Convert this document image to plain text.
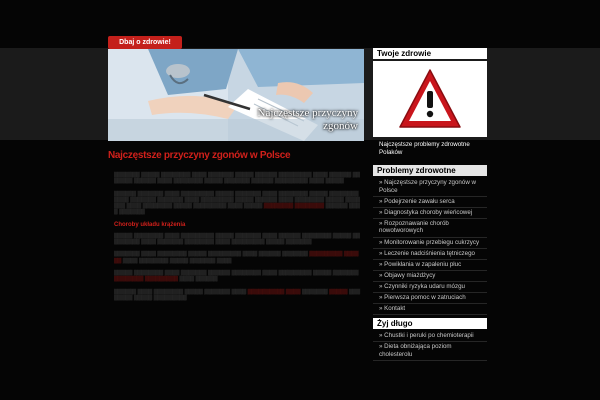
Dbaj o zdrowie!
Najczęstsze przyczyny zgonów
Najczęstsze przyczyny zgonów w Polsce

▒▒▒▒▒▒▒ ▒▒▒▒▒ ▒▒▒▒▒▒▒▒ ▒▒▒▒ ▒▒▒▒▒▒▒ ▒▒▒▒▒ ▒▒▒▒▒▒ ▒▒▒▒▒▒▒▒▒ ▒▒▒▒ ▒▒▒▒▒▒ ▒▒▒▒▒▒▒ ▒▒▒▒▒▒ ▒▒▒▒ ▒▒▒▒▒▒▒▒ ▒▒▒▒▒ ▒▒▒▒▒▒▒ ▒▒▒▒▒▒ ▒▒▒▒▒▒▒▒▒ ▒▒▒▒ ▒▒▒▒▒

▒▒▒▒▒▒ ▒▒▒▒▒▒▒ ▒▒▒▒ ▒▒▒▒▒▒▒▒▒ ▒▒▒▒▒ ▒▒▒▒▒▒▒ ▒▒▒▒ ▒▒▒▒▒▒▒▒ ▒▒▒▒▒ ▒▒▒▒▒▒▒▒ ▒▒▒▒ ▒▒▒▒▒▒▒ ▒▒▒▒▒▒▒ ▒▒▒▒ ▒▒▒▒▒▒▒▒▒ ▒▒▒▒▒ ▒▒▒▒▒▒ ▒▒▒▒ ▒▒▒▒▒▒▒▒ ▒▒▒▒▒ ▒▒▒▒▒▒▒ ▒▒▒▒ ▒▒▒▒▒▒▒▒ ▒▒▒▒▒ ▒▒▒▒▒▒▒▒▒ ▒▒▒▒ ▒▒▒▒▒ ▒▒▒▒▒▒▒▒ ▒▒▒▒▒▒▒▒ ▒▒▒▒▒▒ ▒▒▒▒ ▒▒▒▒▒▒▒

Choroby układu krążenia

▒▒▒▒▒ ▒▒▒▒▒▒▒▒ ▒▒▒▒ ▒▒▒▒▒▒▒▒▒ ▒▒▒▒▒ ▒▒▒▒▒▒▒ ▒▒▒▒ ▒▒▒▒▒▒ ▒▒▒▒▒▒▒▒ ▒▒▒▒▒ ▒▒▒▒▒▒▒▒▒ ▒▒▒▒ ▒▒▒▒▒▒▒ ▒▒▒▒▒▒▒▒ ▒▒▒▒ ▒▒▒▒▒▒▒▒▒ ▒▒▒▒▒ ▒▒▒▒▒▒▒

▒▒▒▒▒▒▒ ▒▒▒▒ ▒▒▒▒▒▒▒▒ ▒▒▒▒▒ ▒▒▒▒▒▒▒▒▒ ▒▒▒▒ ▒▒▒▒▒▒ ▒▒▒▒▒▒▒ ▒▒▒▒▒▒▒▒▒ ▒▒▒▒▒▒ ▒▒▒▒ ▒▒▒▒▒▒▒▒ ▒▒▒▒▒ ▒▒▒▒▒▒▒ ▒▒▒▒

▒▒▒▒▒ ▒▒▒▒▒▒▒▒ ▒▒▒▒ ▒▒▒▒▒▒▒ ▒▒▒▒▒▒ ▒▒▒▒▒▒▒▒ ▒▒▒▒ ▒▒▒▒▒▒▒▒▒ ▒▒▒▒▒ ▒▒▒▒▒▒▒ ▒▒▒▒▒▒▒▒ ▒▒▒▒▒▒▒▒▒ ▒▒▒▒ ▒▒▒▒▒▒

▒▒▒▒▒▒ ▒▒▒▒ ▒▒▒▒▒▒▒▒ ▒▒▒▒▒ ▒▒▒▒▒▒▒ ▒▒▒▒ ▒▒▒▒▒▒▒▒▒▒ ▒▒▒▒ ▒▒▒▒▒▒▒ ▒▒▒▒▒ ▒▒▒▒▒▒▒▒ ▒▒▒▒▒ ▒▒▒▒▒▒▒▒▒

Twoje zdrowie
Najczęstsze problemy zdrowotne Polaków
Problemy zdrowotne
» Najczęstsze przyczyny zgonów w Polsce
» Podejrzenie zawału serca
» Diagnostyka choroby wieńcowej
» Rozpoznawanie chorób nowotworowych
» Monitorowanie przebiegu cukrzycy
» Leczenie nadciśnienia tętniczego
» Powikłania w zapaleniu płuc
» Objawy miażdżycy
» Czynniki ryzyka udaru mózgu
» Pierwsza pomoc w zatruciach
» Kontakt
Żyj długo
» Chustki i peruki po chemioterapii
» Dieta obniżająca poziom cholesterolu
